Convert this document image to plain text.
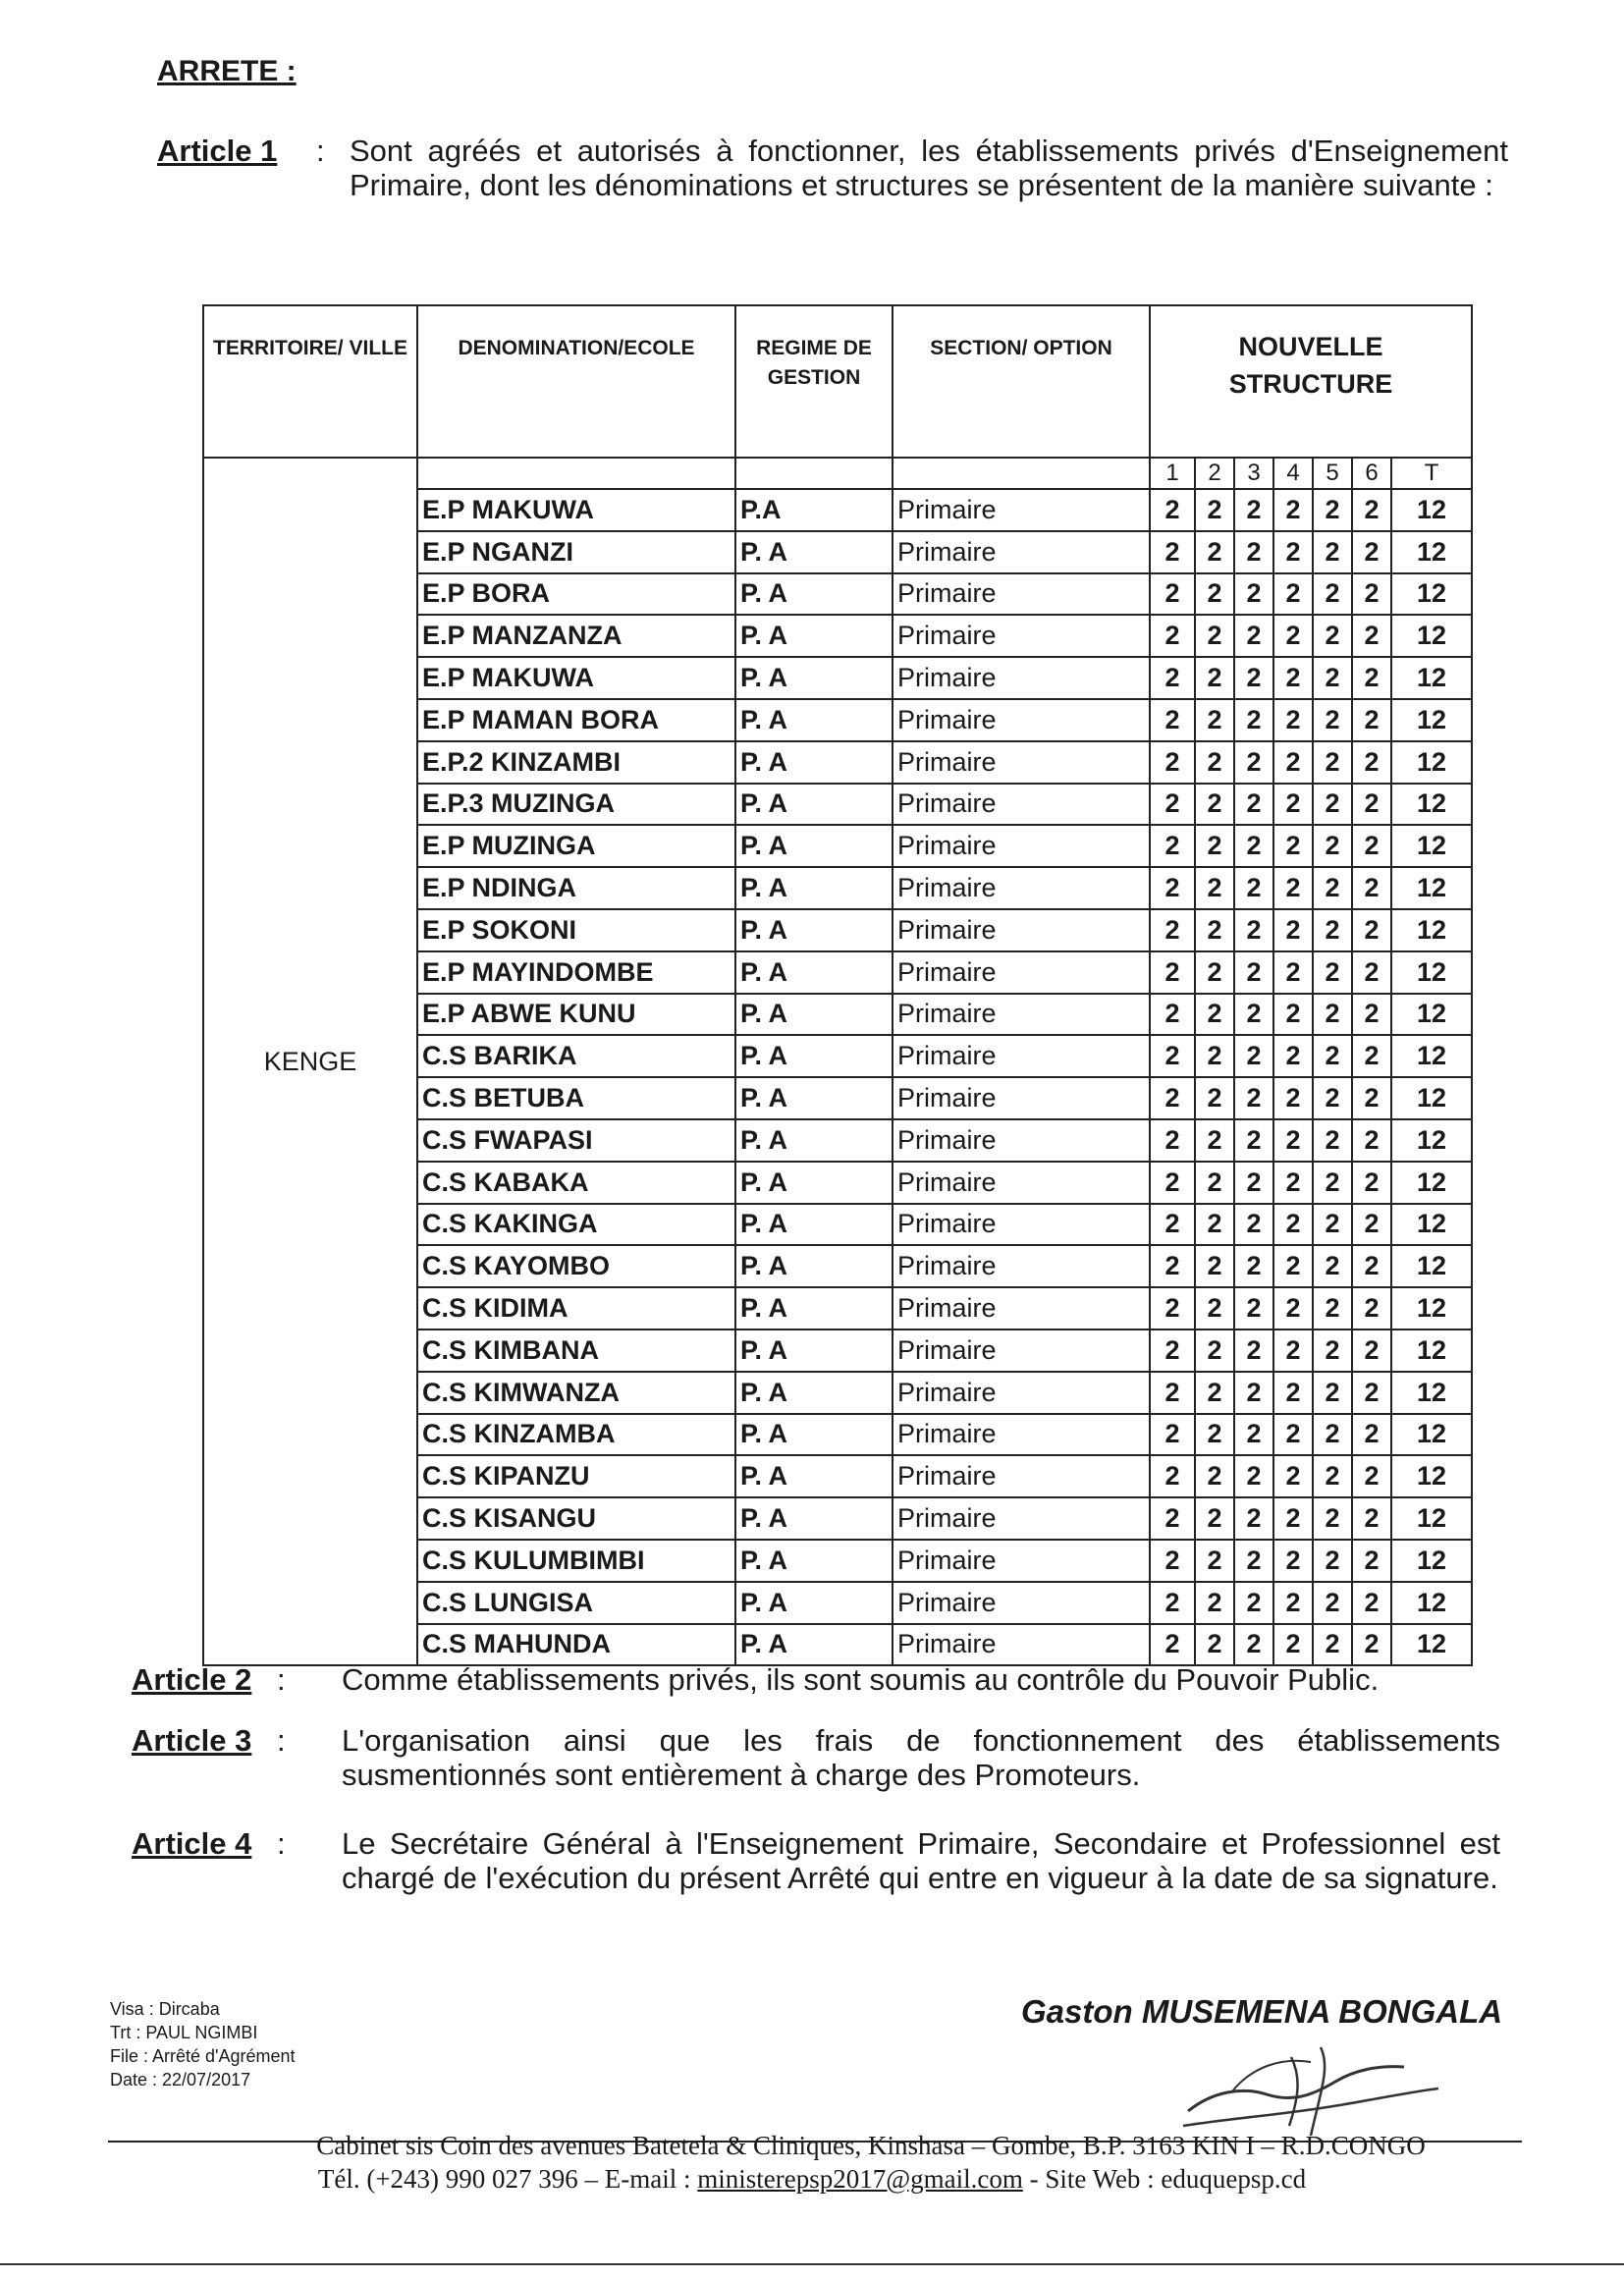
ARRETE :
Article 1 : Sont agréés et autorisés à fonctionner, les établissements privés d'Enseignement Primaire, dont les dénominations et structures se présentent de la manière suivante :
TERRITOIRE/ VILLE	DENOMINATION/ECOLE	REGIME DE GESTION	SECTION/ OPTION	NOUVELLE STRUCTURE						
KENGE				1	2	3	4	5	6	T
	E.P MAKUWA	P.A	Primaire	2	2	2	2	2	2	12
	E.P NGANZI	P. A	Primaire	2	2	2	2	2	2	12
	E.P BORA	P. A	Primaire	2	2	2	2	2	2	12
	E.P MANZANZA	P. A	Primaire	2	2	2	2	2	2	12
	E.P MAKUWA	P. A	Primaire	2	2	2	2	2	2	12
	E.P MAMAN BORA	P. A	Primaire	2	2	2	2	2	2	12
	E.P.2 KINZAMBI	P. A	Primaire	2	2	2	2	2	2	12
	E.P.3 MUZINGA	P. A	Primaire	2	2	2	2	2	2	12
	E.P MUZINGA	P. A	Primaire	2	2	2	2	2	2	12
	E.P NDINGA	P. A	Primaire	2	2	2	2	2	2	12
	E.P SOKONI	P. A	Primaire	2	2	2	2	2	2	12
	E.P MAYINDOMBE	P. A	Primaire	2	2	2	2	2	2	12
	E.P ABWE KUNU	P. A	Primaire	2	2	2	2	2	2	12
	C.S BARIKA	P. A	Primaire	2	2	2	2	2	2	12
	C.S BETUBA	P. A	Primaire	2	2	2	2	2	2	12
	C.S FWAPASI	P. A	Primaire	2	2	2	2	2	2	12
	C.S KABAKA	P. A	Primaire	2	2	2	2	2	2	12
	C.S KAKINGA	P. A	Primaire	2	2	2	2	2	2	12
	C.S KAYOMBO	P. A	Primaire	2	2	2	2	2	2	12
	C.S KIDIMA	P. A	Primaire	2	2	2	2	2	2	12
	C.S KIMBANA	P. A	Primaire	2	2	2	2	2	2	12
	C.S KIMWANZA	P. A	Primaire	2	2	2	2	2	2	12
	C.S KINZAMBA	P. A	Primaire	2	2	2	2	2	2	12
	C.S KIPANZU	P. A	Primaire	2	2	2	2	2	2	12
	C.S KISANGU	P. A	Primaire	2	2	2	2	2	2	12
	C.S KULUMBIMBI	P. A	Primaire	2	2	2	2	2	2	12
	C.S LUNGISA	P. A	Primaire	2	2	2	2	2	2	12
	C.S MAHUNDA	P. A	Primaire	2	2	2	2	2	2	12
Article 2 : Comme établissements privés, ils sont soumis au contrôle du Pouvoir Public.
Article 3 : L'organisation ainsi que les frais de fonctionnement des établissements susmentionnés sont entièrement à charge des Promoteurs.
Article 4 : Le Secrétaire Général à l'Enseignement Primaire, Secondaire et Professionnel est chargé de l'exécution du présent Arrêté qui entre en vigueur à la date de sa signature.
Visa : Dircaba
Trt : PAUL NGIMBI
File : Arrêté d'Agrément
Date : 22/07/2017
Gaston MUSEMENA BONGALA
Cabinet sis Coin des avenues Batetela & Cliniques, Kinshasa – Gombe, B.P. 3163 KIN I – R.D.CONGO
Tél. (+243) 990 027 396 – E-mail : ministerepsp2017@gmail.com - Site Web : eduquepsp.cd
